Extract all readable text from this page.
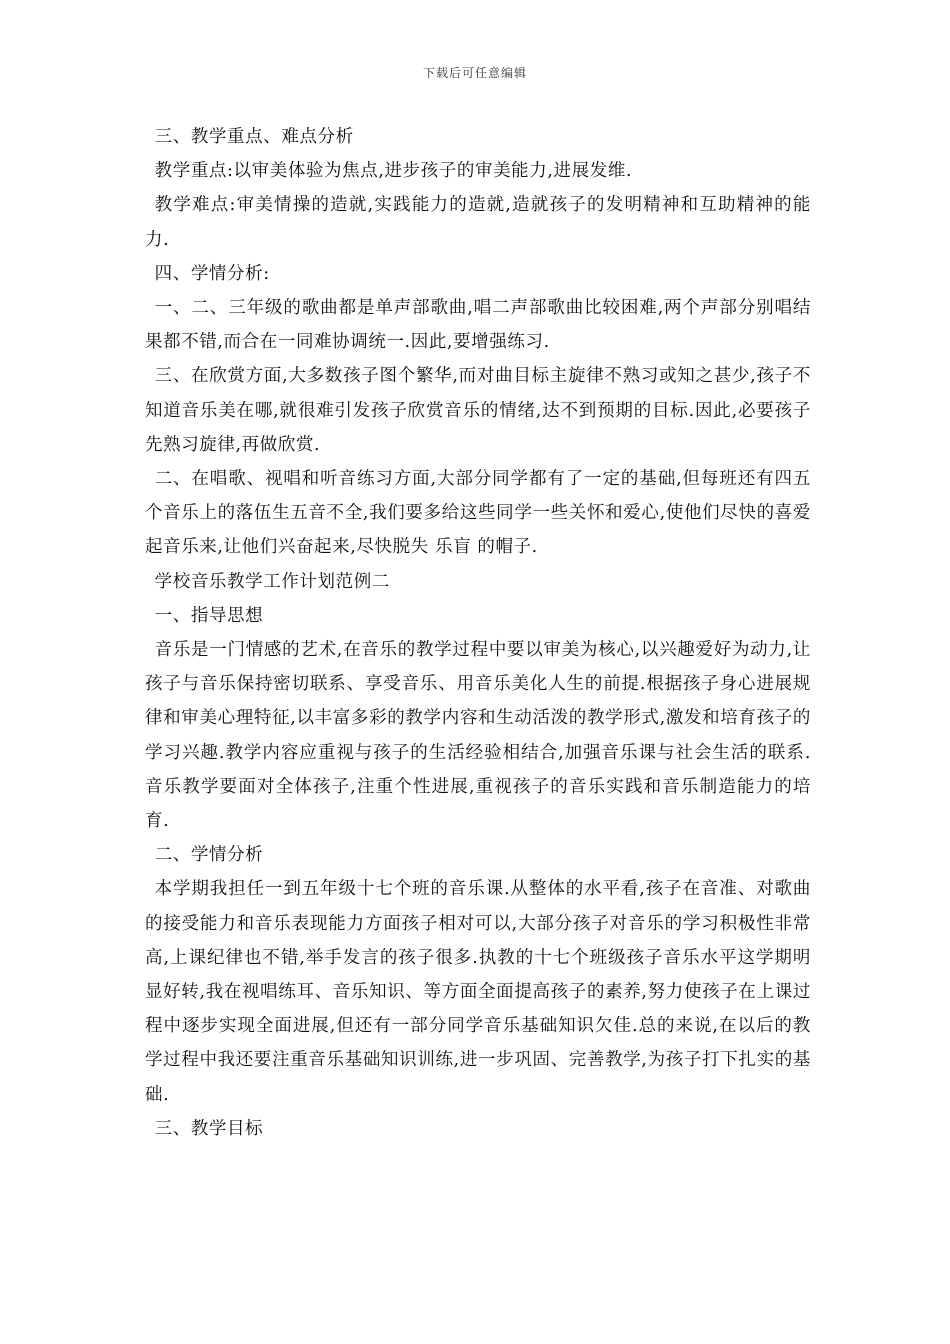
下载后可任意编辑

三、教学重点、难点分析

教学重点:以审美体验为焦点,进步孩子的审美能力,进展发维.

教学难点:审美情操的造就,实践能力的造就,造就孩子的发明精神和互助精神的能力.

四、学情分析:

一、二、三年级的歌曲都是单声部歌曲,唱二声部歌曲比较困难,两个声部分别唱结果都不错,而合在一同难协调统一.因此,要增强练习.

三、在欣赏方面,大多数孩子图个繁华,而对曲目标主旋律不熟习或知之甚少,孩子不知道音乐美在哪,就很难引发孩子欣赏音乐的情绪,达不到预期的目标.因此,必要孩子先熟习旋律,再做欣赏.

二、在唱歌、视唱和听音练习方面,大部分同学都有了一定的基础,但每班还有四五个音乐上的落伍生五音不全,我们要多给这些同学一些关怀和爱心,使他们尽快的喜爱起音乐来,让他们兴奋起来,尽快脱失 乐盲 的帽子.

学校音乐教学工作计划范例二

一、指导思想

音乐是一门情感的艺术,在音乐的教学过程中要以审美为核心,以兴趣爱好为动力,让孩子与音乐保持密切联系、享受音乐、用音乐美化人生的前提.根据孩子身心进展规律和审美心理特征,以丰富多彩的教学内容和生动活泼的教学形式,激发和培育孩子的学习兴趣.教学内容应重视与孩子的生活经验相结合,加强音乐课与社会生活的联系.音乐教学要面对全体孩子,注重个性进展,重视孩子的音乐实践和音乐制造能力的培育.

二、学情分析

本学期我担任一到五年级十七个班的音乐课.从整体的水平看,孩子在音准、对歌曲的接受能力和音乐表现能力方面孩子相对可以,大部分孩子对音乐的学习积极性非常高,上课纪律也不错,举手发言的孩子很多.执教的十七个班级孩子音乐水平这学期明显好转,我在视唱练耳、音乐知识、等方面全面提高孩子的素养,努力使孩子在上课过程中逐步实现全面进展,但还有一部分同学音乐基础知识欠佳.总的来说,在以后的教学过程中我还要注重音乐基础知识训练,进一步巩固、完善教学,为孩子打下扎实的基础.

三、教学目标
